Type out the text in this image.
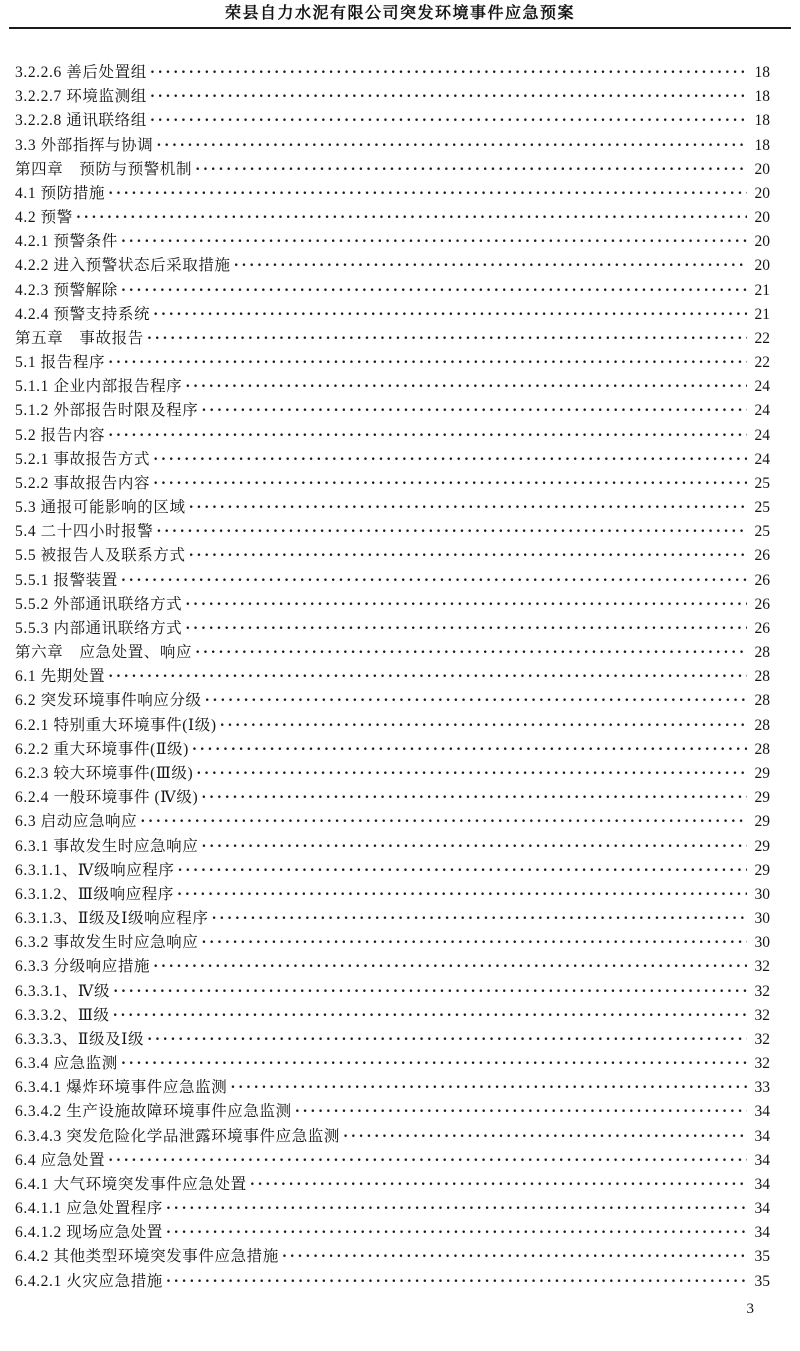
荣县自力水泥有限公司突发环境事件应急预案
3.2.2.6 善后处置组 ·····	18
3.2.2.7 环境监测组 ·····	18
3.2.2.8 通讯联络组 ·····	18
3.3 外部指挥与协调 ·····	18
第四章　预防与预警机制 ·····	20
4.1 预防措施 ·····	20
4.2 预警 ·····	20
4.2.1 预警条件 ·····	20
4.2.2 进入预警状态后采取措施 ·····	20
4.2.3 预警解除 ·····	21
4.2.4 预警支持系统 ·····	21
第五章　事故报告 ·····	22
5.1 报告程序 ·····	22
5.1.1 企业内部报告程序 ·····	24
5.1.2 外部报告时限及程序 ·····	24
5.2 报告内容 ·····	24
5.2.1 事故报告方式 ·····	24
5.2.2 事故报告内容 ·····	25
5.3 通报可能影响的区域 ·····	25
5.4 二十四小时报警 ·····	25
5.5 被报告人及联系方式 ·····	26
5.5.1 报警装置 ·····	26
5.5.2 外部通讯联络方式 ·····	26
5.5.3 内部通讯联络方式 ·····	26
第六章　应急处置、响应 ·····	28
6.1 先期处置 ·····	28
6.2 突发环境事件响应分级 ·····	28
6.2.1 特别重大环境事件(Ⅰ级) ·····	28
6.2.2 重大环境事件(Ⅱ级) ·····	28
6.2.3 较大环境事件(Ⅲ级) ·····	29
6.2.4 一般环境事件 (Ⅳ级) ·····	29
6.3 启动应急响应 ·····	29
6.3.1 事故发生时应急响应 ·····	29
6.3.1.1、Ⅳ级响应程序 ·····	29
6.3.1.2、Ⅲ级响应程序 ·····	30
6.3.1.3、Ⅱ级及Ⅰ级响应程序 ·····	30
6.3.2 事故发生时应急响应 ·····	30
6.3.3 分级响应措施 ·····	32
6.3.3.1、Ⅳ级 ·····	32
6.3.3.2、Ⅲ级 ·····	32
6.3.3.3、Ⅱ级及Ⅰ级 ·····	32
6.3.4 应急监测 ·····	32
6.3.4.1 爆炸环境事件应急监测 ·····	33
6.3.4.2 生产设施故障环境事件应急监测 ·····	34
6.3.4.3 突发危险化学品泄露环境事件应急监测 ·····	34
6.4 应急处置 ·····	34
6.4.1 大气环境突发事件应急处置 ·····	34
6.4.1.1 应急处置程序 ·····	34
6.4.1.2 现场应急处置 ·····	34
6.4.2 其他类型环境突发事件应急措施 ·····	35
6.4.2.1 火灾应急措施 ·····	35
3
